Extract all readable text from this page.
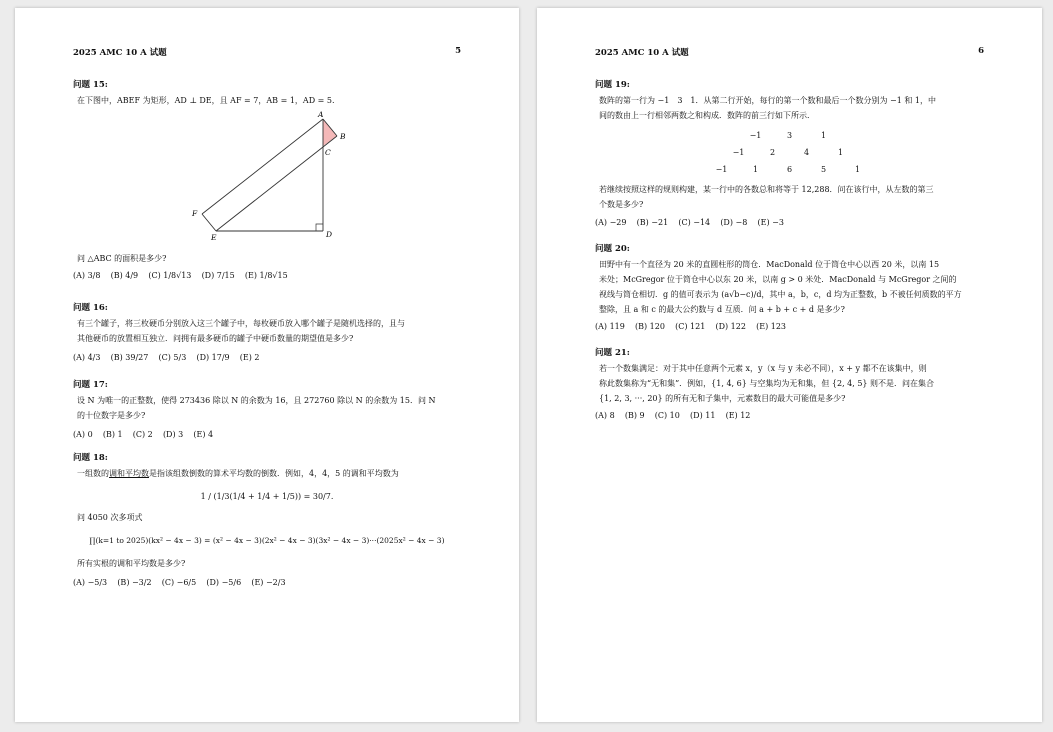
2025 AMC 10 A 试题	5
问题 15:
在下图中，ABEF 为矩形，AD ⊥ DE，且 AF = 7，AB = 1，AD = 5.
A
B
C
D
E
F
问 △ABC 的面积是多少?
(A) 3/8 (B) 4/9 (C) 1/8√13 (D) 7/15 (E) 1/8√15
问题 16:
有三个罐子，将三枚硬币分别放入这三个罐子中，每枚硬币放入哪个罐子是随机选择的，且与
其他硬币的放置相互独立．问拥有最多硬币的罐子中硬币数量的期望值是多少?
(A) 4/3 (B) 39/27 (C) 5/3 (D) 17/9 (E) 2
问题 17:
设 N 为唯一的正整数，使得 273436 除以 N 的余数为 16，且 272760 除以 N 的余数为 15．问 N
的十位数字是多少?
(A) 0 (B) 1 (C) 2 (D) 3 (E) 4
问题 18:
一组数的调和平均数是指该组数倒数的算术平均数的倒数．例如，4，4，5 的调和平均数为
1 / (1/3(1/4 + 1/4 + 1/5)) = 30/7.
问 4050 次多项式
∏(k=1 to 2025)(kx² − 4x − 3) = (x² − 4x − 3)(2x² − 4x − 3)(3x² − 4x − 3)···(2025x² − 4x − 3)
所有实根的调和平均数是多少?
(A) −5/3 (B) −3/2 (C) −6/5 (D) −5/6 (E) −2/3
2025 AMC 10 A 试题	6
问题 19:
数阵的第一行为 −1　3　1．从第二行开始，每行的第一个数和最后一个数分别为 −1 和 1，中
间的数由上一行相邻两数之和构成．数阵的前三行如下所示．
−1	3	1
−1	2	4	1
−1	1	6	5	1
若继续按照这样的规则构建，某一行中的各数总和将等于 12,288．问在该行中，从左数的第三
个数是多少?
(A) −29 (B) −21 (C) −14 (D) −8 (E) −3
问题 20:
田野中有一个直径为 20 米的直圆柱形的筒仓．MacDonald 位于筒仓中心以西 20 米，以南 15
米处；McGregor 位于筒仓中心以东 20 米，以南 g > 0 米处．MacDonald 与 McGregor 之间的
视线与筒仓相切．g 的值可表示为 (a√b−c)/d，其中 a，b，c，d 均为正整数，b 不被任何质数的平方
整除，且 a 和 c 的最大公约数与 d 互质．问 a + b + c + d 是多少?
(A) 119 (B) 120 (C) 121 (D) 122 (E) 123
问题 21:
若一个数集满足：对于其中任意两个元素 x，y（x 与 y 未必不同），x + y 都不在该集中，则
称此数集称为“无和集”．例如，{1, 4, 6} 与空集均为无和集，但 {2, 4, 5} 则不是．问在集合
{1, 2, 3, ···, 20} 的所有无和子集中，元素数目的最大可能值是多少?
(A) 8 (B) 9 (C) 10 (D) 11 (E) 12
